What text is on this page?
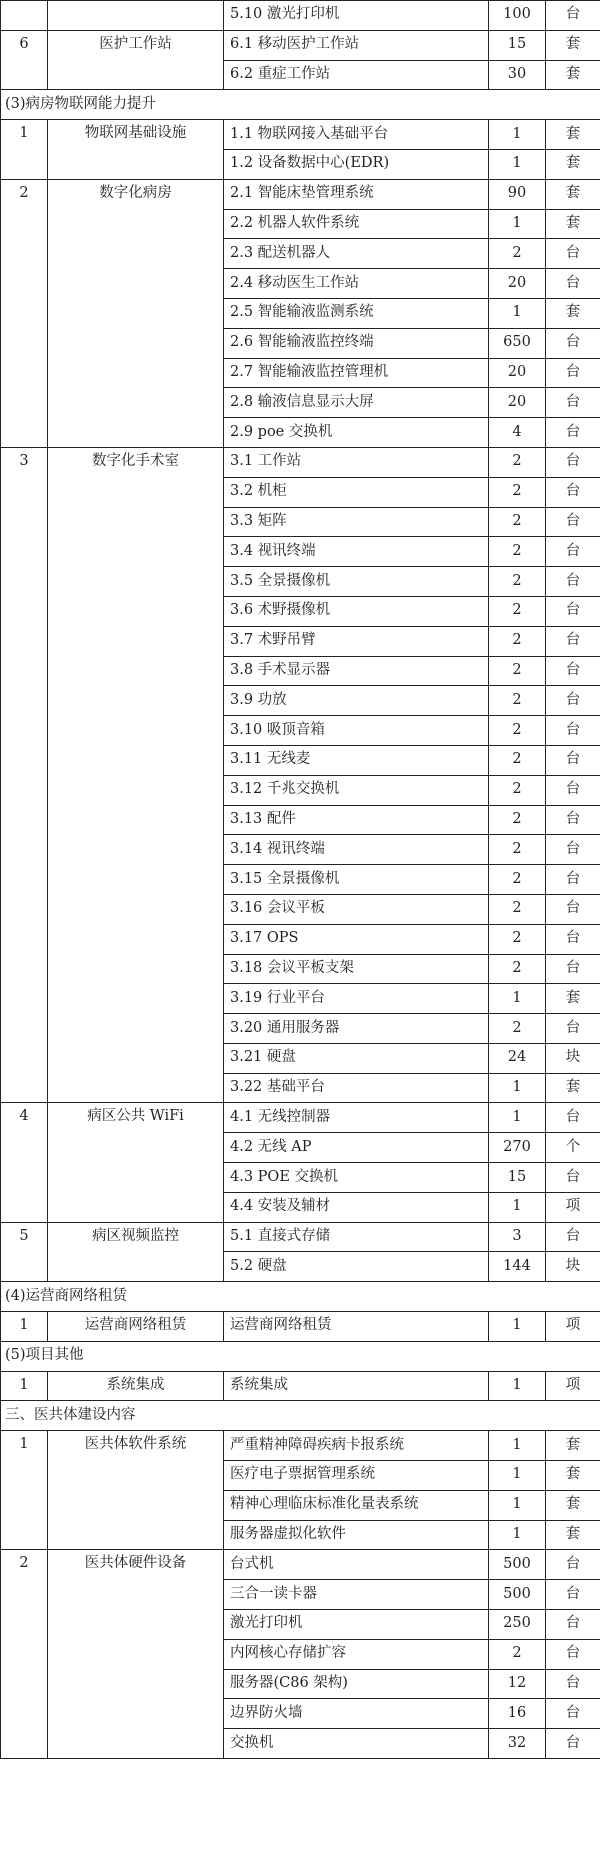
		5.10 激光打印机	100	台
6	医护工作站	6.1 移动医护工作站	15	套
		6.2 重症工作站	30	套
(3)病房物联网能力提升				
1	物联网基础设施	1.1 物联网接入基础平台	1	套
		1.2 设备数据中心(EDR)	1	套
2	数字化病房	2.1 智能床垫管理系统	90	套
		2.2 机器人软件系统	1	套
		2.3 配送机器人	2	台
		2.4 移动医生工作站	20	台
		2.5 智能输液监测系统	1	套
		2.6 智能输液监控终端	650	台
		2.7 智能输液监控管理机	20	台
		2.8 输液信息显示大屏	20	台
		2.9 poe 交换机	4	台
3	数字化手术室	3.1 工作站	2	台
		3.2 机柜	2	台
		3.3 矩阵	2	台
		3.4 视讯终端	2	台
		3.5 全景摄像机	2	台
		3.6 术野摄像机	2	台
		3.7 术野吊臂	2	台
		3.8 手术显示器	2	台
		3.9 功放	2	台
		3.10 吸顶音箱	2	台
		3.11 无线麦	2	台
		3.12 千兆交换机	2	台
		3.13 配件	2	台
		3.14 视讯终端	2	台
		3.15 全景摄像机	2	台
		3.16 会议平板	2	台
		3.17 OPS	2	台
		3.18 会议平板支架	2	台
		3.19 行业平台	1	套
		3.20 通用服务器	2	台
		3.21 硬盘	24	块
		3.22 基础平台	1	套
4	病区公共 WiFi	4.1 无线控制器	1	台
		4.2 无线 AP	270	个
		4.3 POE 交换机	15	台
		4.4 安装及辅材	1	项
5	病区视频监控	5.1 直接式存储	3	台
		5.2 硬盘	144	块
(4)运营商网络租赁				
1	运营商网络租赁	运营商网络租赁	1	项
(5)项目其他				
1	系统集成	系统集成	1	项
三、医共体建设内容				
1	医共体软件系统	严重精神障碍疾病卡报系统	1	套
		医疗电子票据管理系统	1	套
		精神心理临床标准化量表系统	1	套
		服务器虚拟化软件	1	套
2	医共体硬件设备	台式机	500	台
		三合一读卡器	500	台
		激光打印机	250	台
		内网核心存储扩容	2	台
		服务器(C86 架构)	12	台
		边界防火墙	16	台
		交换机	32	台
